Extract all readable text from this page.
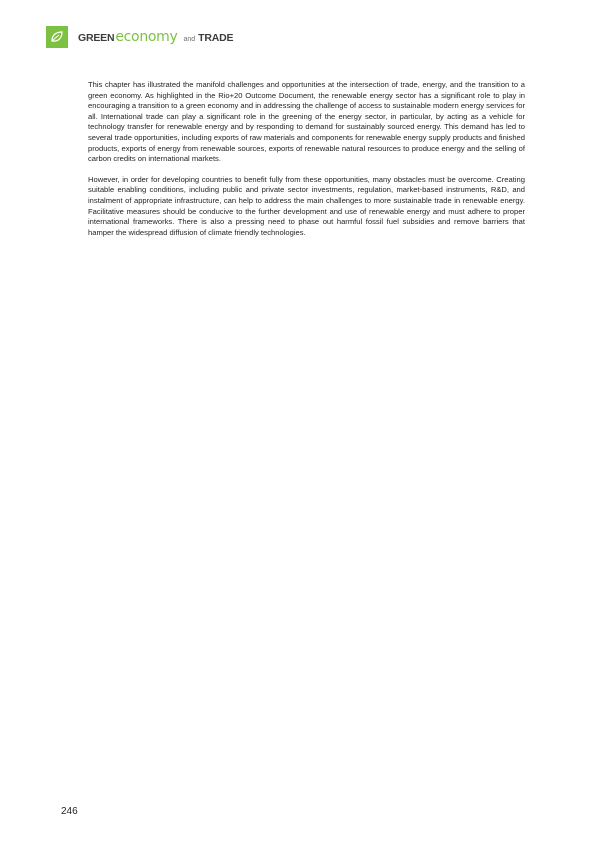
GREEN economy and TRADE

This chapter has illustrated the manifold challenges and opportunities at the intersection of trade, energy, and the transition to a green economy. As highlighted in the Rio+20 Outcome Document, the renewable energy sector has a significant role to play in encouraging a transition to a green economy and in addressing the challenge of access to sustainable modern energy services for all. International trade can play a significant role in the greening of the energy sector, in particular, by acting as a vehicle for technology transfer for renewable energy and by responding to demand for sustainably sourced energy. This demand has led to several trade opportunities, including exports of raw materials and components for renewable energy supply products and finished products, exports of energy from renewable sources, exports of renewable natural resources to produce energy and the selling of carbon credits on international markets.

However, in order for developing countries to benefit fully from these opportunities, many obstacles must be overcome. Creating suitable enabling conditions, including public and private sector investments, regulation, market-based instruments, R&D, and instalment of appropriate infrastructure, can help to address the main challenges to more sustainable trade in renewable energy. Facilitative measures should be conducive to the further development and use of renewable energy and must adhere to proper international frameworks. There is also a pressing need to phase out harmful fossil fuel subsidies and remove barriers that hamper the widespread diffusion of climate friendly technologies.

246
